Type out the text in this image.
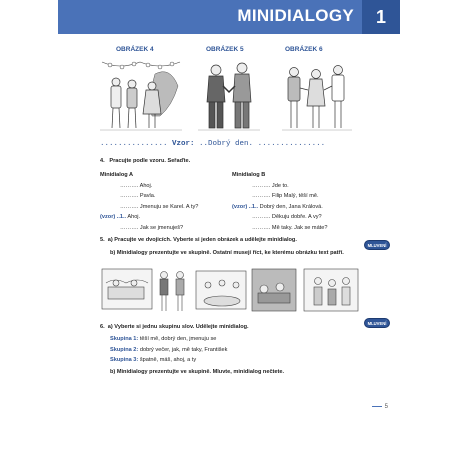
MINIDIALOGY	1
OBRÁZEK 4	OBRÁZEK 5	OBRÁZEK 6
............... Vzor: ..Dobrý den. ...............
4. Pracujte podle vzoru. Seřaďte.
Minidialog A
………. Ahoj.
………. Pavla.
………. Jmenuju se Karel. A ty?
(vzor) ..1.. Ahoj.
………. Jak se jmenuješ?
Minidialog B
………. Jde to.
………. Filip Malý, těší mě.
(vzor) ..1.. Dobrý den, Jana Králová.
………. Děkuju dobře. A vy?
………. Mě taky. Jak se máte?
5. a) Pracujte ve dvojicích. Vyberte si jeden obrázek a udělejte minidialog.
MLUVENÍ
b) Minidialogy prezentujte ve skupině. Ostatní musejí říct, ke kterému obrázku text patří.
6. a) Vyberte si jednu skupinu slov. Udělejte minidialog.
MLUVENÍ
Skupina 1: těší mě, dobrý den, jmenuju se
Skupina 2: dobrý večer, jak, mě taky, František
Skupina 3: špatně, máš, ahoj, a ty
b) Minidialogy prezentujte ve skupině. Mluvte, minidialog nečtete.
5
